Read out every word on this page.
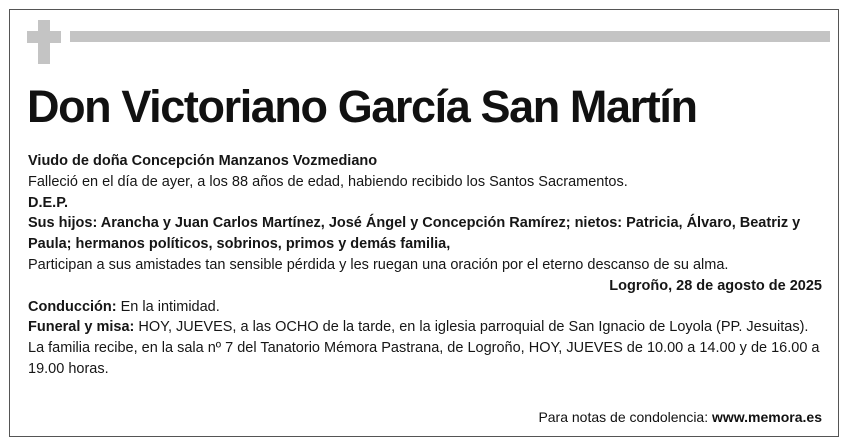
Don Victoriano García San Martín

Viudo de doña Concepción Manzanos Vozmediano

Falleció en el día de ayer, a los 88 años de edad, habiendo recibido los Santos Sacramentos.

D.E.P.

Sus hijos: Arancha y Juan Carlos Martínez, José Ángel y Concepción Ramírez; nietos: Patricia, Álvaro, Beatriz y Paula; hermanos políticos, sobrinos, primos y demás familia,

Participan a sus amistades tan sensible pérdida y les ruegan una oración por el eterno descanso de su alma.

Logroño, 28 de agosto de 2025

Conducción: En la intimidad.

Funeral y misa: HOY, JUEVES, a las OCHO de la tarde, en la iglesia parroquial de San Ignacio de Loyola (PP. Jesuitas).

La familia recibe, en la sala nº 7 del Tanatorio Mémora Pastrana, de Logroño, HOY, JUEVES de 10.00 a 14.00 y de 16.00 a 19.00 horas.

Para notas de condolencia: www.memora.es
